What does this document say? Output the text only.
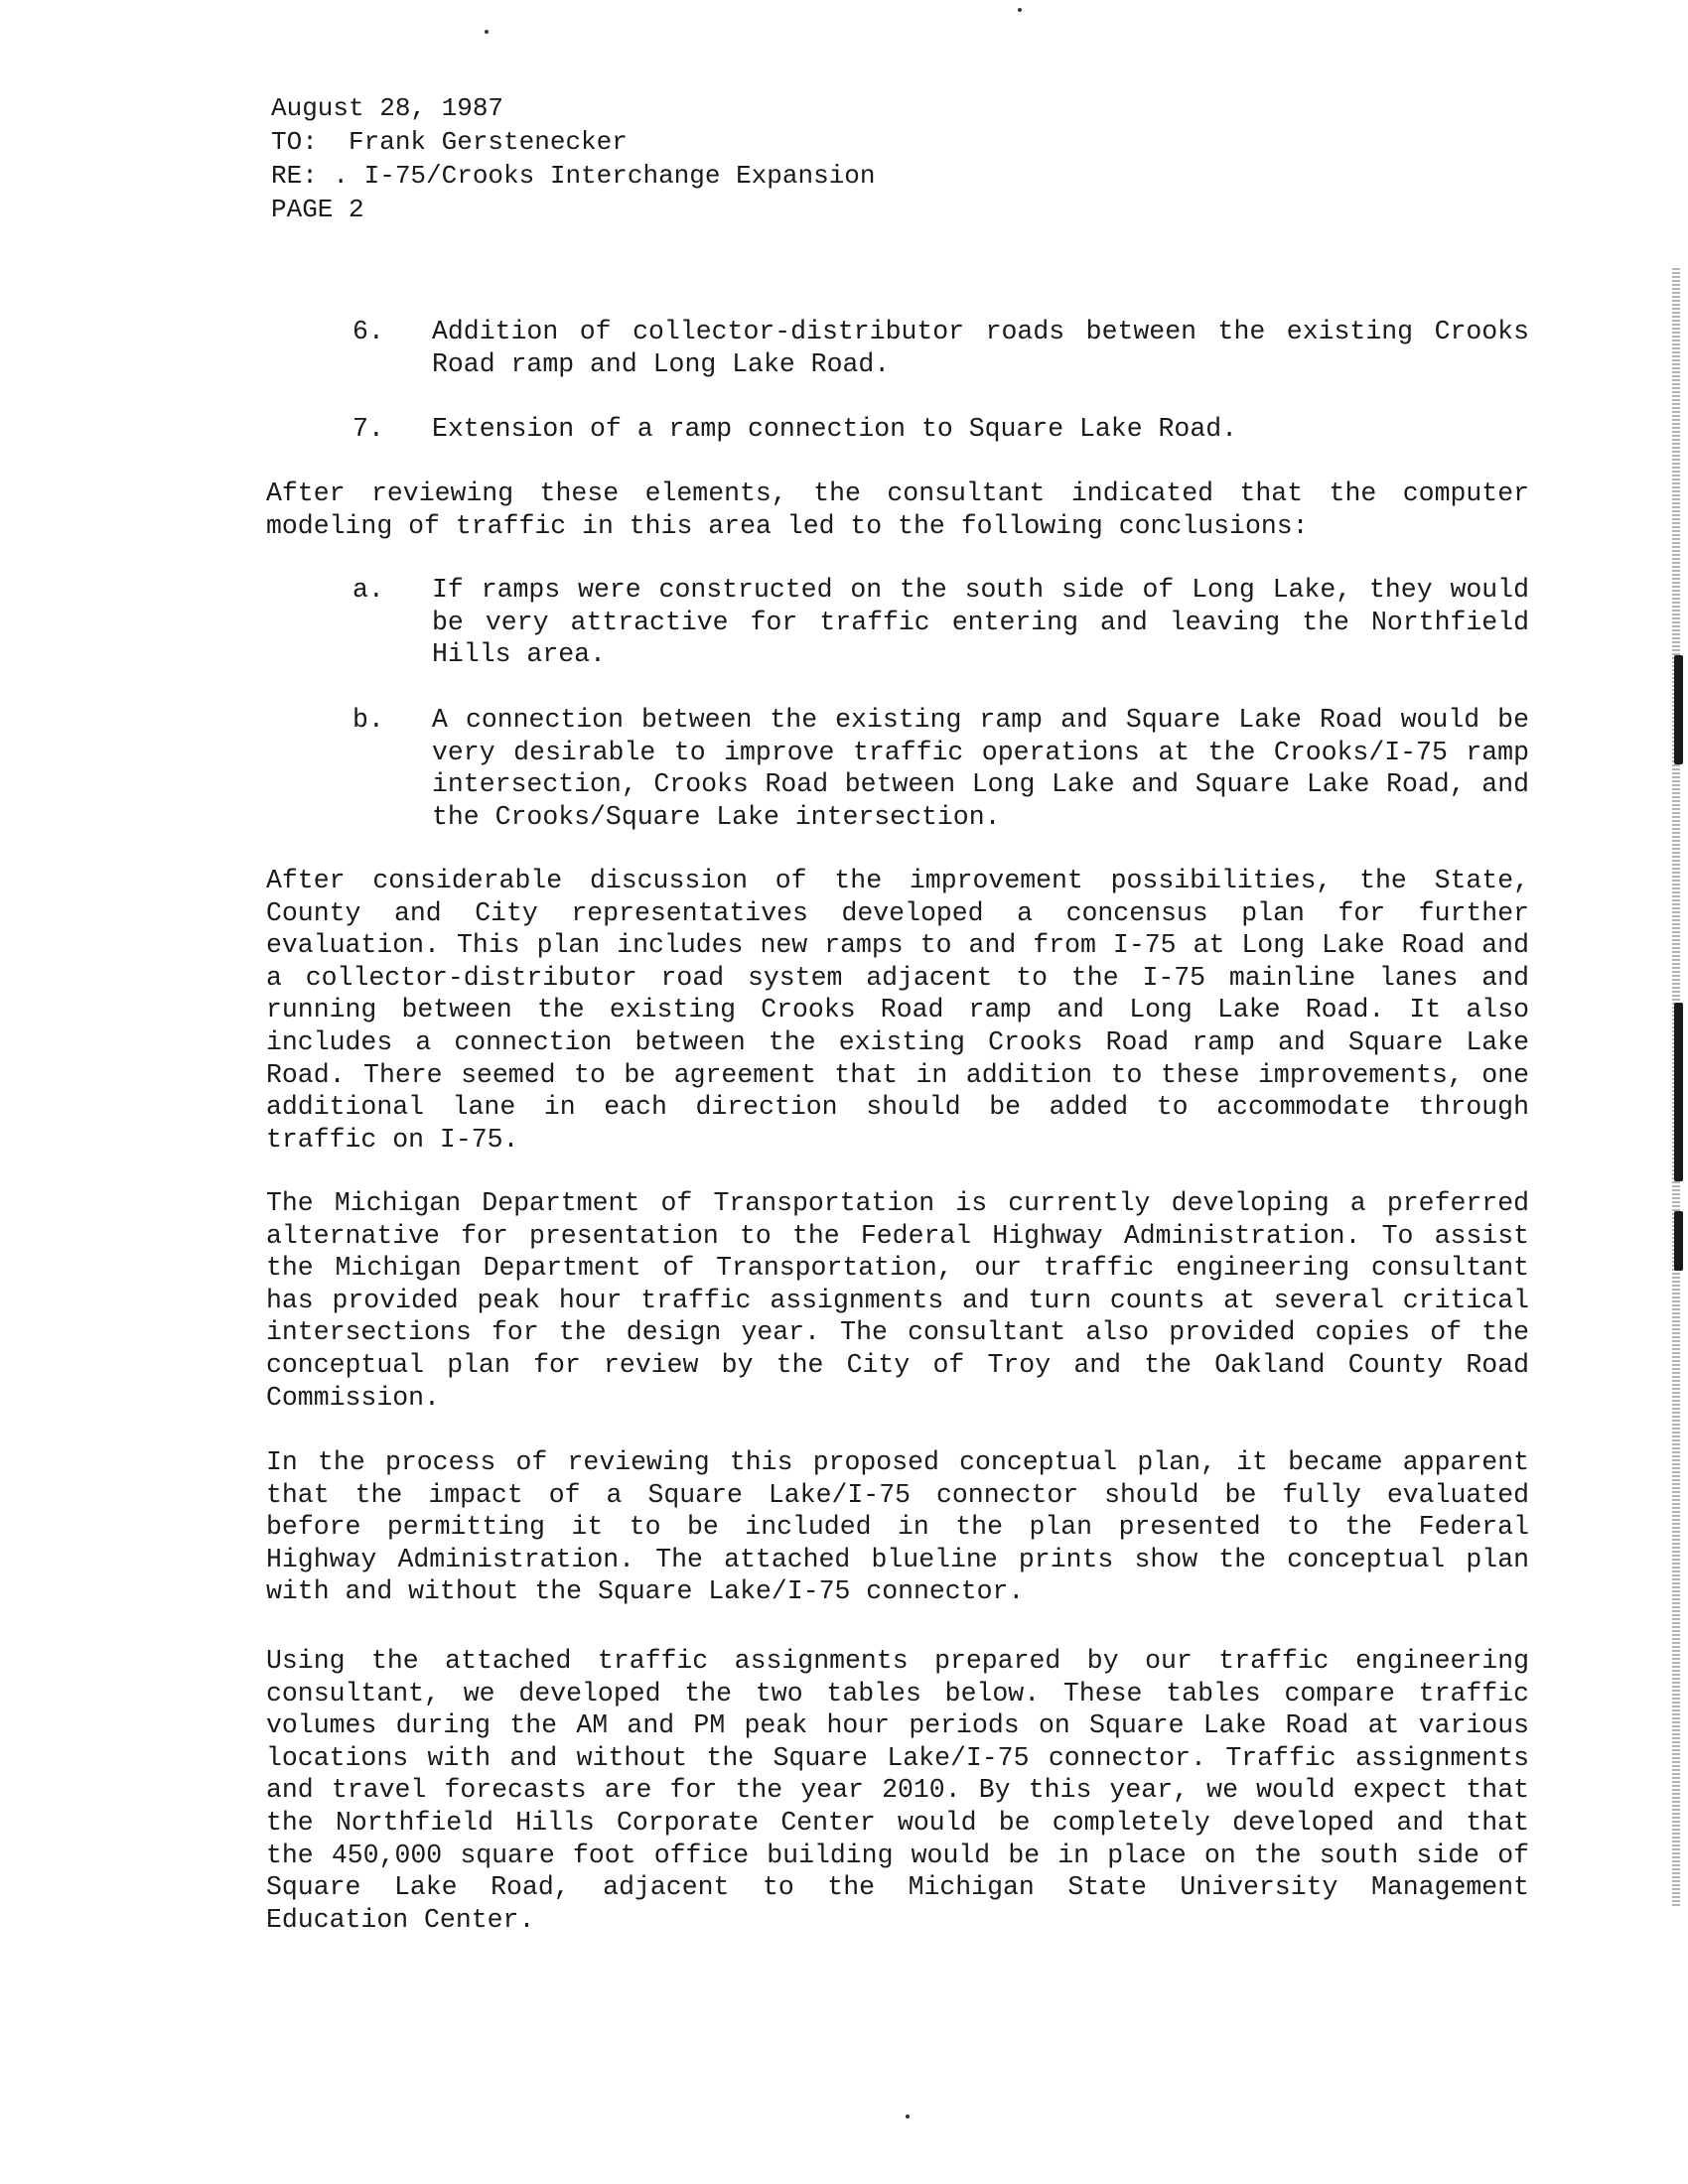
August 28, 1987
TO:  Frank Gerstenecker
RE: . I-75/Crooks Interchange Expansion
PAGE 2
6.	Addition of collector-distributor roads between the existing Crooks Road ramp and Long Lake Road.
7.	Extension of a ramp connection to Square Lake Road.
After reviewing these elements, the consultant indicated that the computer modeling of traffic in this area led to the following conclusions:
a.	If ramps were constructed on the south side of Long Lake, they would be very attractive for traffic entering and leaving the Northfield Hills area.
b.	A connection between the existing ramp and Square Lake Road would be very desirable to improve traffic operations at the Crooks/I-75 ramp intersection, Crooks Road between Long Lake and Square Lake Road, and the Crooks/Square Lake intersection.
After considerable discussion of the improvement possibilities, the State, County and City representatives developed a concensus plan for further evaluation. This plan includes new ramps to and from I-75 at Long Lake Road and a collector-distributor road system adjacent to the I-75 mainline lanes and running between the existing Crooks Road ramp and Long Lake Road. It also includes a connection between the existing Crooks Road ramp and Square Lake Road. There seemed to be agreement that in addition to these improvements, one additional lane in each direction should be added to accommodate through traffic on I-75.
The Michigan Department of Transportation is currently developing a preferred alternative for presentation to the Federal Highway Administration. To assist the Michigan Department of Transportation, our traffic engineering consultant has provided peak hour traffic assignments and turn counts at several critical intersections for the design year. The consultant also provided copies of the conceptual plan for review by the City of Troy and the Oakland County Road Commission.
In the process of reviewing this proposed conceptual plan, it became apparent that the impact of a Square Lake/I-75 connector should be fully evaluated before permitting it to be included in the plan presented to the Federal Highway Administration. The attached blueline prints show the conceptual plan with and without the Square Lake/I-75 connector.
Using the attached traffic assignments prepared by our traffic engineering consultant, we developed the two tables below. These tables compare traffic volumes during the AM and PM peak hour periods on Square Lake Road at various locations with and without the Square Lake/I-75 connector. Traffic assignments and travel forecasts are for the year 2010. By this year, we would expect that the Northfield Hills Corporate Center would be completely developed and that the 450,000 square foot office building would be in place on the south side of Square Lake Road, adjacent to the Michigan State University Management Education Center.
